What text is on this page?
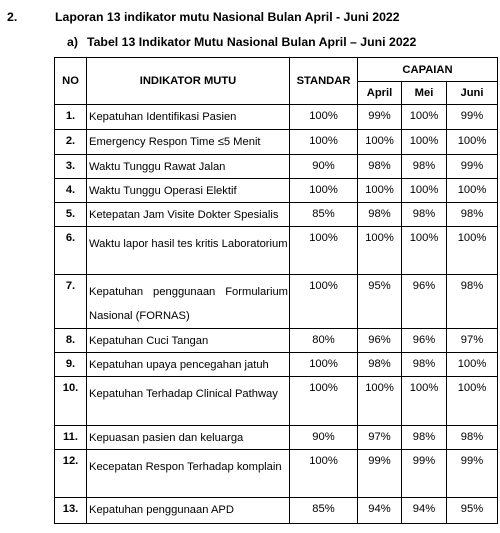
2.	Laporan 13 indikator mutu Nasional Bulan April - Juni 2022
a) Tabel 13 Indikator Mutu Nasional Bulan April – Juni 2022
NO	INDIKATOR MUTU	STANDAR	CAPAIAN		
			April	Mei	Juni
1.	Kepatuhan Identifikasi Pasien	100%	99%	100%	99%
2.	Emergency Respon Time ≤5 Menit	100%	100%	100%	100%
3.	Waktu Tunggu Rawat Jalan	90%	98%	98%	99%
4.	Waktu Tunggu Operasi Elektif	100%	100%	100%	100%
5.	Ketepatan Jam Visite Dokter Spesialis	85%	98%	98%	98%
6.	Waktu lapor hasil tes kritis Laboratorium	100%	100%	100%	100%
7.	Kepatuhan penggunaan Formularium Nasional (FORNAS)	100%	95%	96%	98%
8.	Kepatuhan Cuci Tangan	80%	96%	96%	97%
9.	Kepatuhan upaya pencegahan jatuh	100%	98%	98%	100%
10.	Kepatuhan Terhadap Clinical Pathway	100%	100%	100%	100%
11.	Kepuasan pasien dan keluarga	90%	97%	98%	98%
12.	Kecepatan Respon Terhadap komplain	100%	99%	99%	99%
13.	Kepatuhan penggunaan APD	85%	94%	94%	95%
